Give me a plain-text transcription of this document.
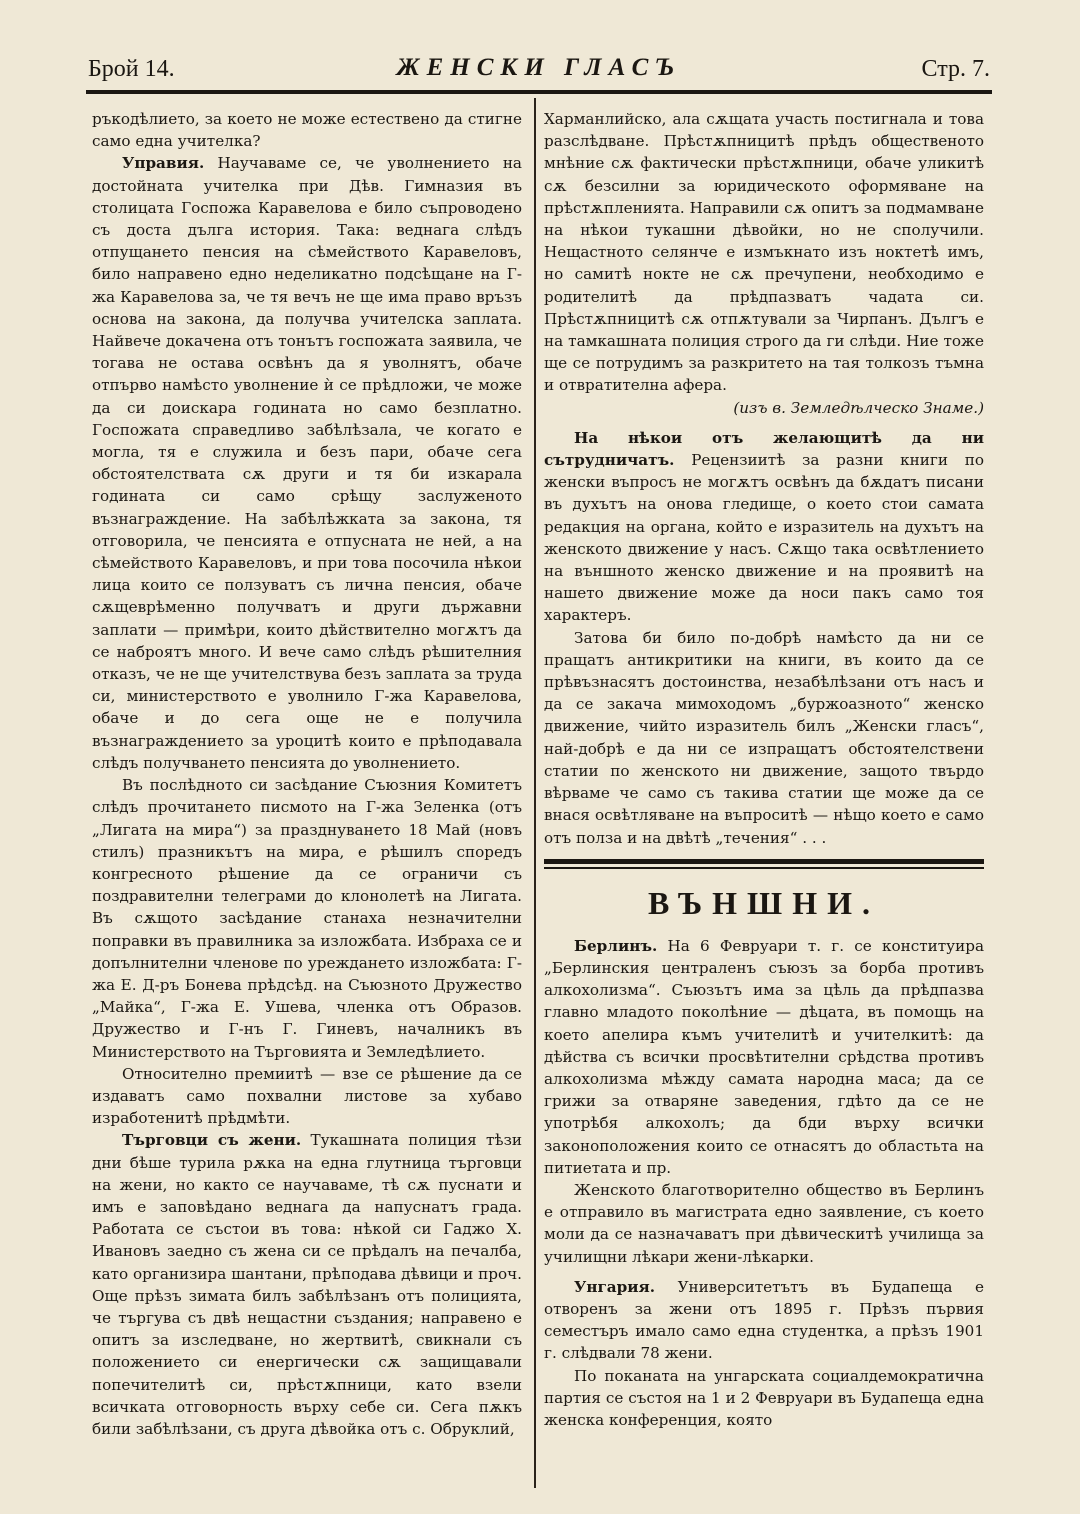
Брой 14.	ЖЕНСКИ ГЛАСЪ	Стр. 7.

ръкодѣлието, за което не може естествено да стигне само една учителка?

Управия. Научаваме се, че уволнението на достойната учителка при Дѣв. Гимназия въ столицата Госпожа Каравелова е било съпроводено съ доста дълга история. Така: веднага слѣдъ отпущането пенсия на сѣмейството Каравеловъ, било направено едно неделикатно подсѣщане на Г-жа Каравелова за, че тя вечъ не ще има право връзъ основа на закона, да получва учителска заплата. Найвече докачена отъ тонътъ госпожата заявила, че тогава не остава освѣнъ да я уволнятъ, обаче отпърво намѣсто уволнение ѝ се прѣдложи, че може да си доискара годината но само безплатно. Госпожата справедливо забѣлѣзала, че когато е могла, тя е служила и безъ пари, обаче сега обстоятелствата сѫ други и тя би изкарала годината си само срѣщу заслуженото възнаграждение. На забѣлѣжката за закона, тя отговорила, че пенсията е отпусната не ней, а на сѣмейството Каравеловъ, и при това посочила нѣкои лица които се ползуватъ съ лична пенсия, обаче сѫщеврѣменно получватъ и други държавни заплати — примѣри, които дѣйствително могѫтъ да се нaброятъ много. И вече само слѣдъ рѣшителния отказъ, че не ще учителствува безъ заплата за труда си, министерството е уволнило Г-жа Каравелова, обаче и до сега още не е получила възнаграждението за урoцитѣ които е прѣподавала слѣдъ получването пенсията до уволнението.

Въ послѣдното си засѣдание Съюзния Комитетъ слѣдъ прочитането писмото на Г-жа Зеленка (отъ „Лигата на мира“) за празднуването 18 Май (новъ стилъ) празникътъ на мира, е рѣшилъ споредъ конгресното рѣшение да се ограничи съ поздравителни телеграми до клонолетѣ на Лигата. Въ сѫщото засѣдание станаха незначителни поправки въ правилника за изложбата. Избраха се и допълнителни членове по уреждането изложбата: Г-жа Е. Д-ръ Бонева прѣдсѣд. на Съюзното Дружество „Майка“, Г-жа Е. Ушева, членка отъ Образов. Дружество и Г-нъ Г. Гиневъ, началникъ въ Министерството на Търговията и Земледѣлието.

Относително премиитѣ — взе се рѣшение да се издаватъ само похвални листове за хубаво изработенитѣ прѣдмѣти.

Търговци съ жени. Тукашната полиция тѣзи дни бѣше турила рѫка на една глутница търговци на жени, но както се научаваме, тѣ сѫ пуснати и имъ е заповѣдано веднага да напуснатъ града. Работата се състои въ това: нѣкой си Гаджо Х. Ивановъ заедно съ жена си се прѣдалъ на печалба, като организира шантани, прѣподава дѣвици и проч. Още прѣзъ зимата билъ забѣлѣзанъ отъ полицията, че търгува съ двѣ нещастни създания; направено е опитъ за изследване, но жертвитѣ, свикнали съ положението си енергически сѫ защищавали попечителитѣ си, прѣстѫпници, като взели всичката отговорность върху себе си. Сега пѫкъ били забѣлѣзани, съ друга дѣвойка отъ с. Обруклий,

Харманлийско, ала сѫщата участь постигнала и това разслѣдване. Прѣстѫпницитѣ прѣдъ общественото мнѣние сѫ фактически прѣстѫпници, обаче уликитѣ сѫ безсилни за юридическото оформяване на прѣстѫпленията. Направили сѫ опитъ за подмамване на нѣкои тукашни дѣвойки, но не сполучили. Нещастното селянче е измъкнато изъ ноктетѣ имъ, но самитѣ нокте не сѫ пречупени, необходимо е родителитѣ да прѣдпазватъ чадата си. Прѣстѫпницитѣ сѫ отпѫтували за Чирпанъ. Дългъ е на тамкашната полиция строго да ги слѣди. Ние тоже ще се потрудимъ за разкритето на тая толкозъ тъмна и отвратителна афера.

(изъ в. Земледѣлческо Знаме.)

На нѣкои отъ желающитѣ да ни сътрудничатъ. Рецензиитѣ за разни книги по женски въпросъ не могѫтъ освѣнъ да бѫдатъ писани въ духътъ на онова гледище, о което стои самата редакция на органа, който е изразитель на духътъ на женското движение у насъ. Сѫщо така освѣтлението на външното женско движение и на проявитѣ на нашето движение може да носи пакъ само тоя характеръ.

Затова би било по-добрѣ намѣсто да ни се пращатъ антикритики на книги, въ които да се прѣвъзнасятъ достоинства, незабѣлѣзани отъ насъ и да се закача мимоходомъ „буржоазното“ женско движение, чийто изразитель билъ „Женски гласъ“, най-добрѣ е да ни се изпращатъ обстоятелствени статии по женското ни движение, защото твърдо вѣрваме че само съ такива статии ще може да се внася освѣтляване на въпроситѣ — нѣщо което е само отъ полза и на двѣтѣ „течения“ . . .

ВЪНШНИ.

Берлинъ. На 6 Февруари т. г. се конституира „Берлинския централенъ съюзъ за борба противъ алкохолизма“. Съюзътъ има за цѣль да прѣдпазва главно младото поколѣние — дѣцата, въ помощь на което апелира къмъ учителитѣ и учителкитѣ: да дѣйства съ всички просвѣтителни срѣдства противъ алкохолизма мѣжду самата народна маса; да се грижи за отваряне заведения, гдѣто да се не употрѣбя алкохолъ; да бди върху всички законоположения които се отнасятъ до областьта на питиетата и пр.

Женското благотворително общество въ Берлинъ е отправило въ магистрата едно заявление, съ което моли да се назначаватъ при дѣвическитѣ училища за училищни лѣкари жени-лѣкарки.

Унгария. Университетътъ въ Будапеща е отворенъ за жени отъ 1895 г. Прѣзъ първия семестъръ имало само една студентка, а прѣзъ 1901 г. слѣдвали 78 жени.

По поканата на унгарската социалдемократична партия се състоя на 1 и 2 Февруари въ Будапеща една женска конференция, която
